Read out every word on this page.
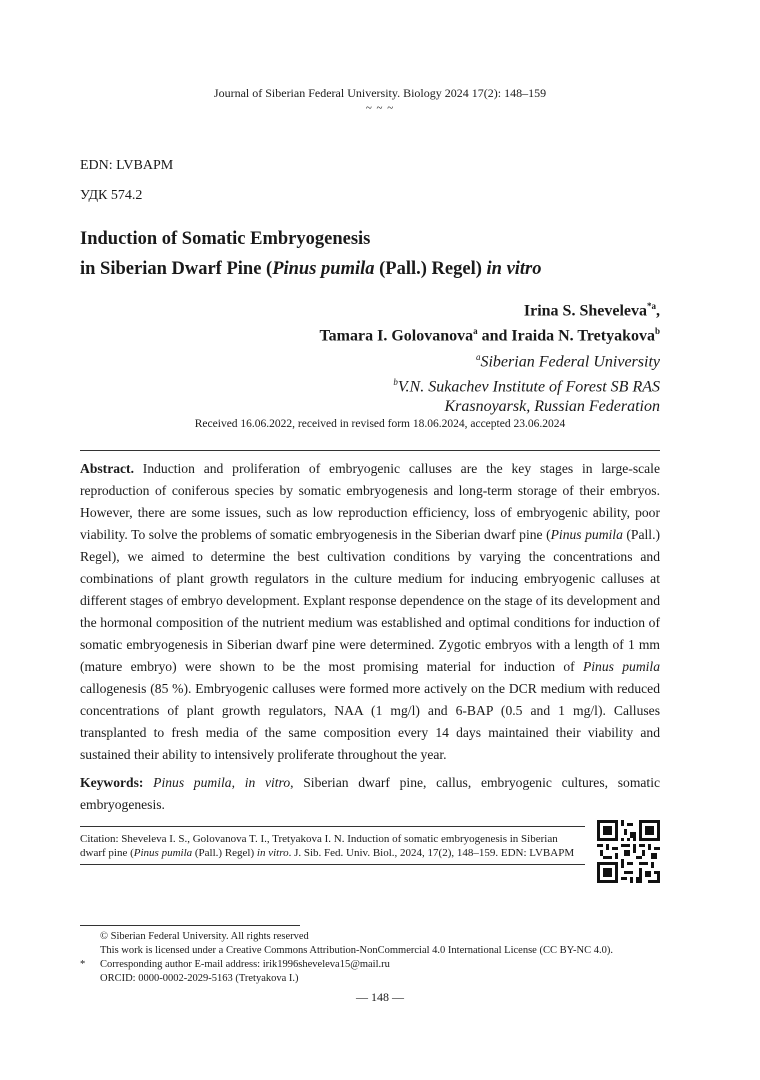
Journal of Siberian Federal University. Biology 2024 17(2): 148–159
~ ~ ~
EDN: LVBAPM
УДК 574.2
Induction of Somatic Embryogenesis
in Siberian Dwarf Pine (Pinus pumila (Pall.) Regel) in vitro
Irina S. Sheveleva$^{*a}$,
Tamara I. Golovanova$^a$ and Iraida N. Tretyakova$^b$
$^a$Siberian Federal University
$^b$V.N. Sukachev Institute of Forest SB RAS
Krasnoyarsk, Russian Federation
Received 16.06.2022, received in revised form 18.06.2024, accepted 23.06.2024
Abstract. Induction and proliferation of embryogenic calluses are the key stages in large-scale reproduction of coniferous species by somatic embryogenesis and long-term storage of their embryos. However, there are some issues, such as low reproduction efficiency, loss of embryogenic ability, poor viability. To solve the problems of somatic embryogenesis in the Siberian dwarf pine (Pinus pumila (Pall.) Regel), we aimed to determine the best cultivation conditions by varying the concentrations and combinations of plant growth regulators in the culture medium for inducing embryogenic calluses at different stages of embryo development. Explant response dependence on the stage of its development and the hormonal composition of the nutrient medium was established and optimal conditions for induction of somatic embryogenesis in Siberian dwarf pine were determined. Zygotic embryos with a length of 1 mm (mature embryo) were shown to be the most promising material for induction of Pinus pumila callogenesis (85 %). Embryogenic calluses were formed more actively on the DCR medium with reduced concentrations of plant growth regulators, NAA (1 mg/l) and 6-BAP (0.5 and 1 mg/l). Calluses transplanted to fresh media of the same composition every 14 days maintained their viability and sustained their ability to intensively proliferate throughout the year.
Keywords: Pinus pumila, in vitro, Siberian dwarf pine, callus, embryogenic cultures, somatic embryogenesis.
Citation: Sheveleva I. S., Golovanova T. I., Tretyakova I. N. Induction of somatic embryogenesis in Siberian dwarf pine (Pinus pumila (Pall.) Regel) in vitro. J. Sib. Fed. Univ. Biol., 2024, 17(2), 148–159. EDN: LVBAPM
© Siberian Federal University. All rights reserved
This work is licensed under a Creative Commons Attribution-NonCommercial 4.0 International License (CC BY-NC 4.0).
* Corresponding author E-mail address: irik1996sheveleva15@mail.ru
ORCID: 0000-0002-2029-5163 (Tretyakova I.)
— 148 —
